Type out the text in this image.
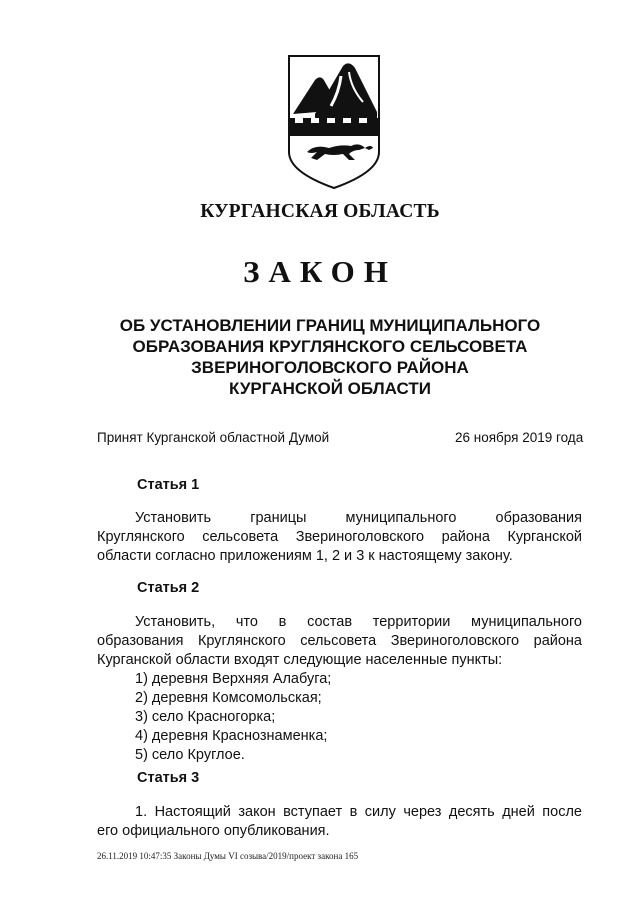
КУРГАНСКАЯ ОБЛАСТЬ
ЗАКОН
ОБ УСТАНОВЛЕНИИ ГРАНИЦ МУНИЦИПАЛЬНОГО
ОБРАЗОВАНИЯ КРУГЛЯНСКОГО СЕЛЬСОВЕТА
ЗВЕРИНОГОЛОВСКОГО РАЙОНА
КУРГАНСКОЙ ОБЛАСТИ
Принят Курганской областной Думой	26 ноября 2019 года
Статья 1
Установить границы муниципального образования
Круглянского сельсовета Звериноголовского района Курганской
области согласно приложениям 1, 2 и 3 к настоящему закону.
Статья 2
Установить, что в состав территории муниципального
образования Круглянского сельсовета Звериноголовского района
Курганской области входят следующие населенные пункты:
1) деревня Верхняя Алабуга;
2) деревня Комсомольская;
3) село Красногорка;
4) деревня Краснознаменка;
5) село Круглое.
Статья 3
1. Настоящий закон вступает в силу через десять дней после
его официального опубликования.
26.11.2019 10:47:35 Законы Думы VI созыва/2019/проект закона 165
